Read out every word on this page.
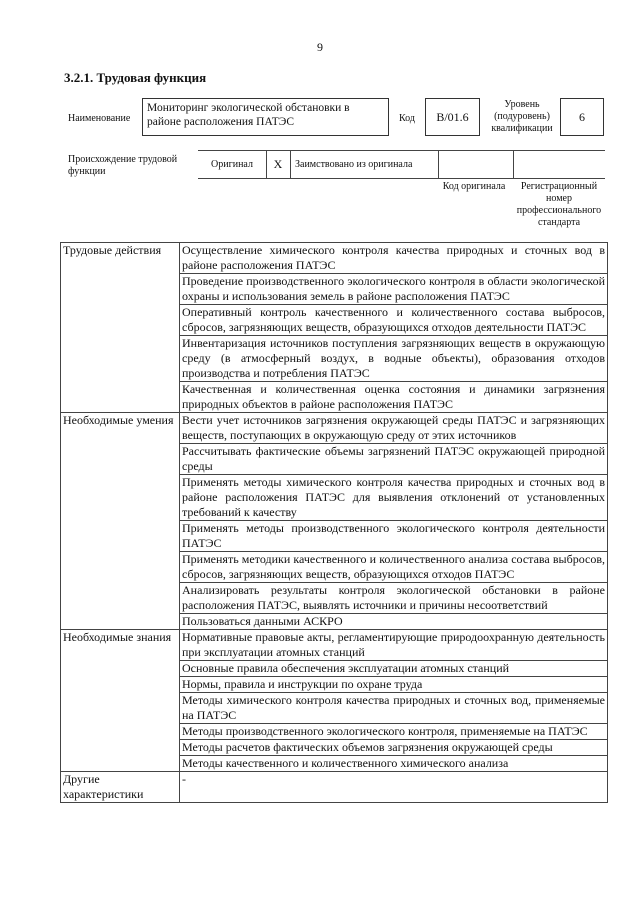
9
3.2.1. Трудовая функция
Наименование
Мониторинг экологической обстановки в районе расположения ПАТЭС	Код	B/01.6
Уровень (подуровень) квалификации
6
Происхождение трудовой функции
Оригинал	X	Заимствовано из оригинала
Код оригинала	Регистрационный номер профессионального стандарта
Трудовые действия	Осуществление химического контроля качества природных и сточных вод в районе расположения ПАТЭС
	Проведение производственного экологического контроля в области экологической охраны и использования земель в районе расположения ПАТЭС
	Оперативный контроль качественного и количественного состава выбросов, сбросов, загрязняющих веществ, образующихся отходов деятельности ПАТЭС
	Инвентаризация источников поступления загрязняющих веществ в окружающую среду (в атмосферный воздух, в водные объекты), образования отходов производства и потребления ПАТЭС
	Качественная и количественная оценка состояния и динамики загрязнения природных объектов в районе расположения ПАТЭС
Необходимые умения	Вести учет источников загрязнения окружающей среды ПАТЭС и загрязняющих веществ, поступающих в окружающую среду от этих источников
	Рассчитывать фактические объемы загрязнений ПАТЭС окружающей природной среды
	Применять методы химического контроля качества природных и сточных вод в районе расположения ПАТЭС для выявления отклонений от установленных требований к качеству
	Применять методы производственного экологического контроля деятельности ПАТЭС
	Применять методики качественного и количественного анализа состава выбросов, сбросов, загрязняющих веществ, образующихся отходов ПАТЭС
	Анализировать результаты контроля экологической обстановки в районе расположения ПАТЭС, выявлять источники и причины несоответствий
	Пользоваться данными АСКРО
Необходимые знания	Нормативные правовые акты, регламентирующие природоохранную деятельность при эксплуатации атомных станций
	Основные правила обеспечения эксплуатации атомных станций
	Нормы, правила и инструкции по охране труда
	Методы химического контроля качества природных и сточных вод, применяемые на ПАТЭС
	Методы производственного экологического контроля, применяемые на ПАТЭС
	Методы расчетов фактических объемов загрязнения окружающей среды
	Методы качественного и количественного химического анализа
Другие характеристики	-
